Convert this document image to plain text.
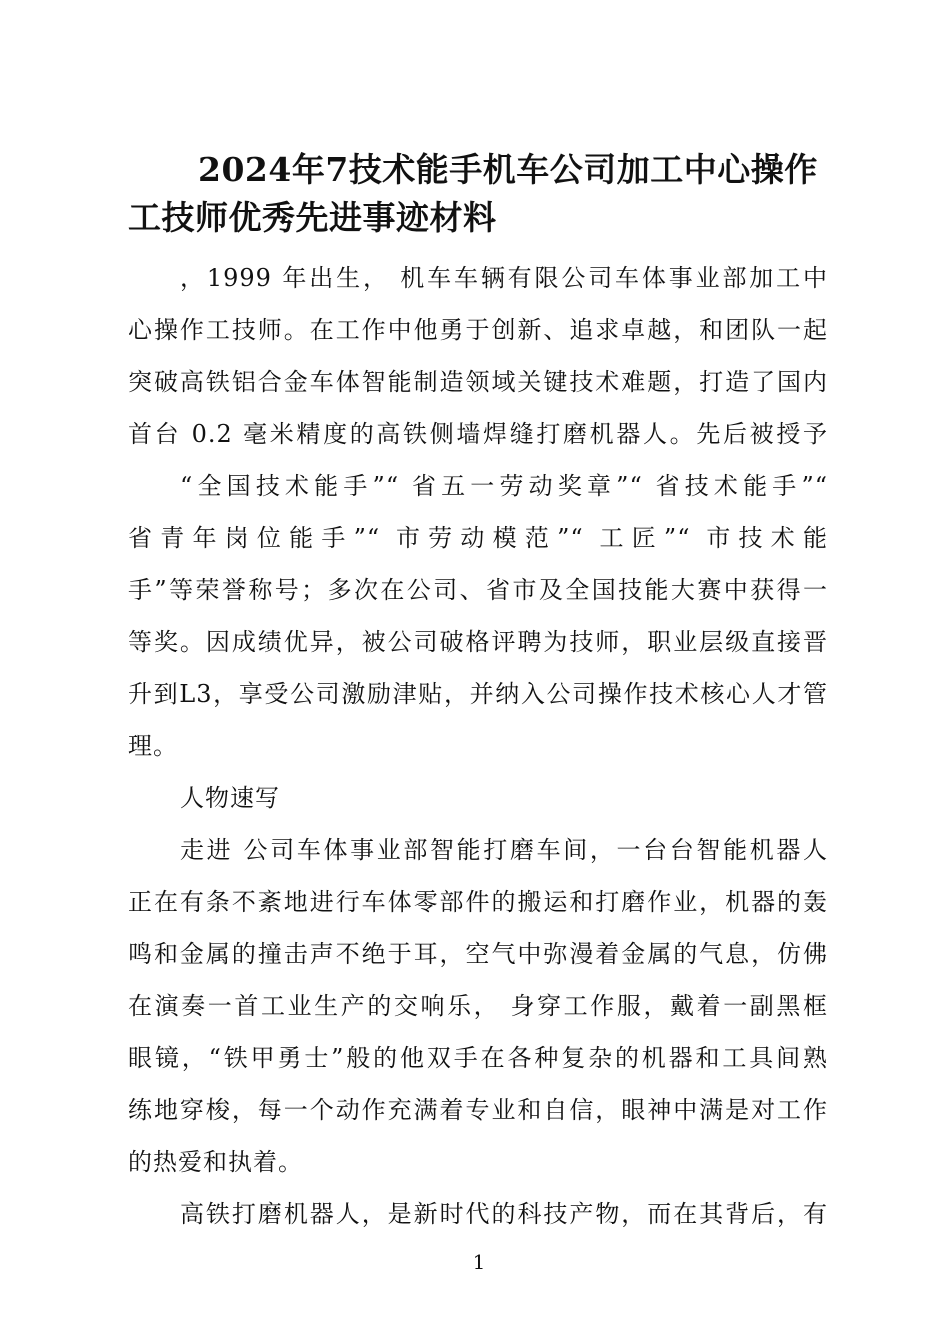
2024年7技术能手机车公司加工中心操作工技师优秀先进事迹材料
，1999 年出生， 机车车辆有限公司车体事业部加工中
心操作工技师。在工作中他勇于创新、追求卓越，和团队一起
突破高铁铝合金车体智能制造领域关键技术难题，打造了国内
首台 0.2 毫米精度的高铁侧墙焊缝打磨机器人。先后被授予
“全国技术能手”“ 省五一劳动奖章”“ 省技术能手”“
省青年岗位能手”“ 市劳动模范”“ 工匠”“ 市技术能
手”等荣誉称号；多次在公司、省市及全国技能大赛中获得一
等奖。因成绩优异，被公司破格评聘为技师，职业层级直接晋
升到L3，享受公司激励津贴，并纳入公司操作技术核心人才管
理。
人物速写
走进 公司车体事业部智能打磨车间，一台台智能机器人
正在有条不紊地进行车体零部件的搬运和打磨作业，机器的轰
鸣和金属的撞击声不绝于耳，空气中弥漫着金属的气息，仿佛
在演奏一首工业生产的交响乐， 身穿工作服，戴着一副黑框
眼镜，“铁甲勇士”般的他双手在各种复杂的机器和工具间熟
练地穿梭，每一个动作充满着专业和自信，眼神中满是对工作
的热爱和执着。
高铁打磨机器人，是新时代的科技产物，而在其背后，有
1
